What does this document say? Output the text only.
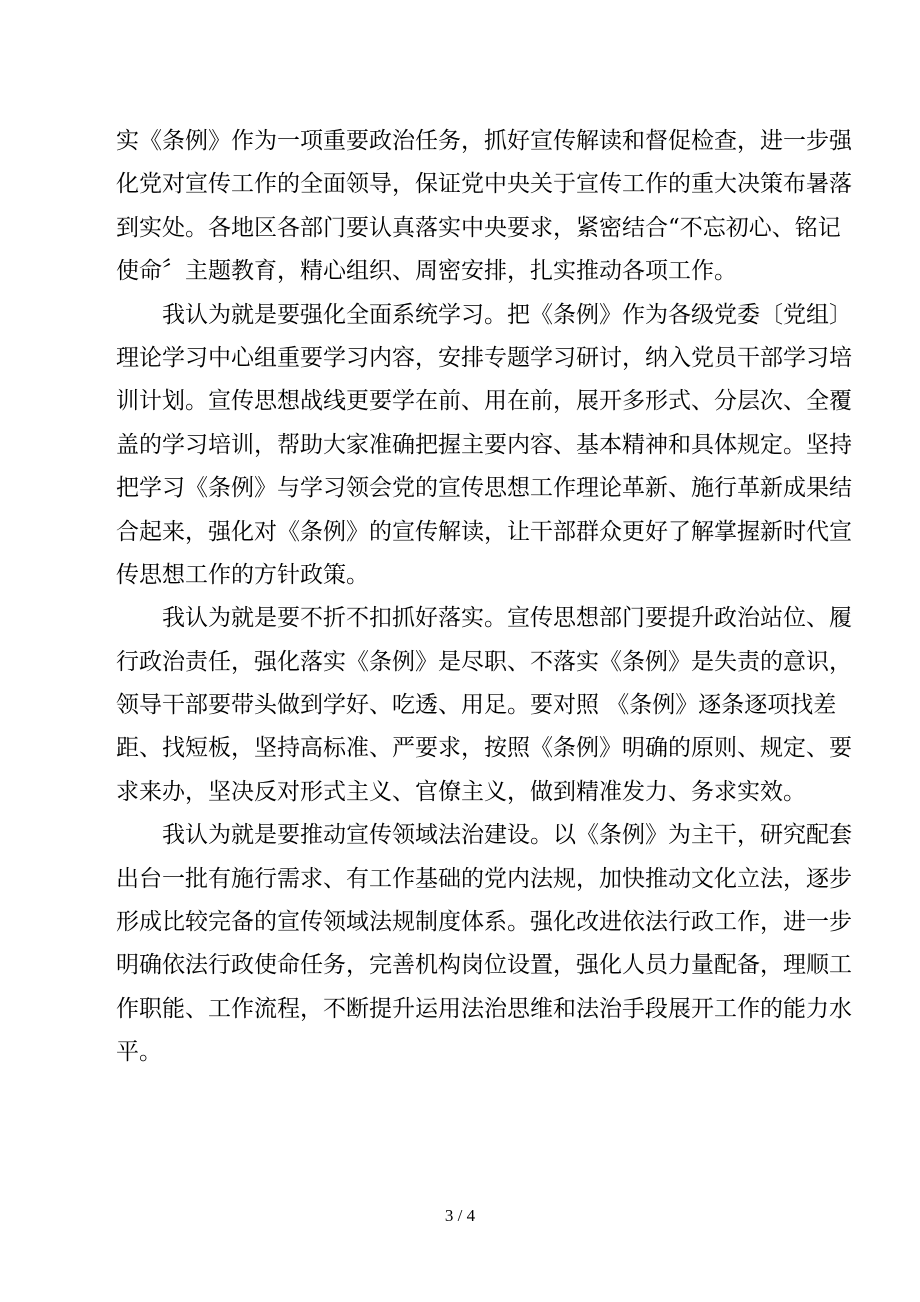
实《条例》作为一项重要政治任务，抓好宣传解读和督促检查，进一步强
化党对宣传工作的全面领导，保证党中央关于宣传工作的重大决策布暑落
到实处。各地区各部门要认真落实中央要求，紧密结合“不忘初心、铭记
使命〞主题教育，精心组织、周密安排，扎实推动各项工作。
我认为就是要强化全面系统学习。把《条例》作为各级党委〔党组〕
理论学习中心组重要学习内容，安排专题学习研讨，纳入党员干部学习培
训计划。宣传思想战线更要学在前、用在前，展开多形式、分层次、全覆
盖的学习培训，帮助大家准确把握主要内容、基本精神和具体规定。坚持
把学习《条例》与学习领会党的宣传思想工作理论革新、施行革新成果结
合起来，强化对《条例》的宣传解读，让干部群众更好了解掌握新时代宣
传思想工作的方针政策。
我认为就是要不折不扣抓好落实。宣传思想部门要提升政治站位、履
行政治责任，强化落实《条例》是尽职、不落实《条例》是失责的意识，
领导干部要带头做到学好、吃透、用足。要对照 《条例》逐条逐项找差
距、找短板，坚持高标准、严要求，按照《条例》明确的原则、规定、要
求来办，坚决反对形式主义、官僚主义，做到精准发力、务求实效。
我认为就是要推动宣传领域法治建设。以《条例》为主干，研究配套
出台一批有施行需求、有工作基础的党内法规，加快推动文化立法，逐步
形成比较完备的宣传领域法规制度体系。强化改进依法行政工作，进一步
明确依法行政使命任务，完善机构岗位设置，强化人员力量配备，理顺工
作职能、工作流程，不断提升运用法治思维和法治手段展开工作的能力水
平。
3 / 4
